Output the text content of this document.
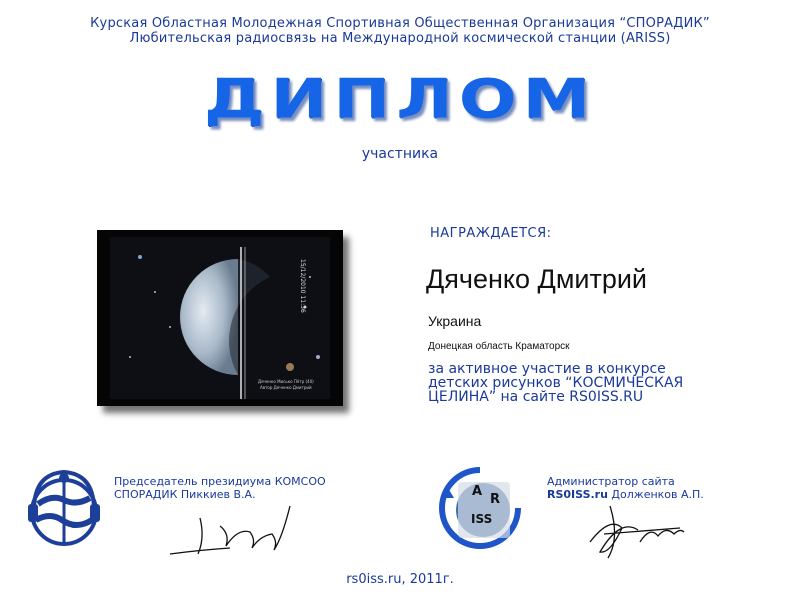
Курская Областная Молодежная Спортивная Общественная Организация “СПОРАДИК”
Любительская радиосвязь на Международной космической станции (ARISS)
ДИПЛОМ
участника
15/12/2010 11:36
Дяченко Мисько Пётр (40)
Автор Дяченко Дмитрий
НАГРАЖДАЕТСЯ:
Дяченко Дмитрий
Украина
Донецкая область Краматорск
за активное участие в конкурсе
детских рисунков “КОСМИЧЕСКАЯ
ЦЕЛИНА” на сайте RS0ISS.RU
Председатель президиума КОМСОО
СПОРАДИК Пиккиев В.А.	A
R
ISS
Администратор сайта
RS0ISS.ru Долженков А.П.
rs0iss.ru, 2011г.
